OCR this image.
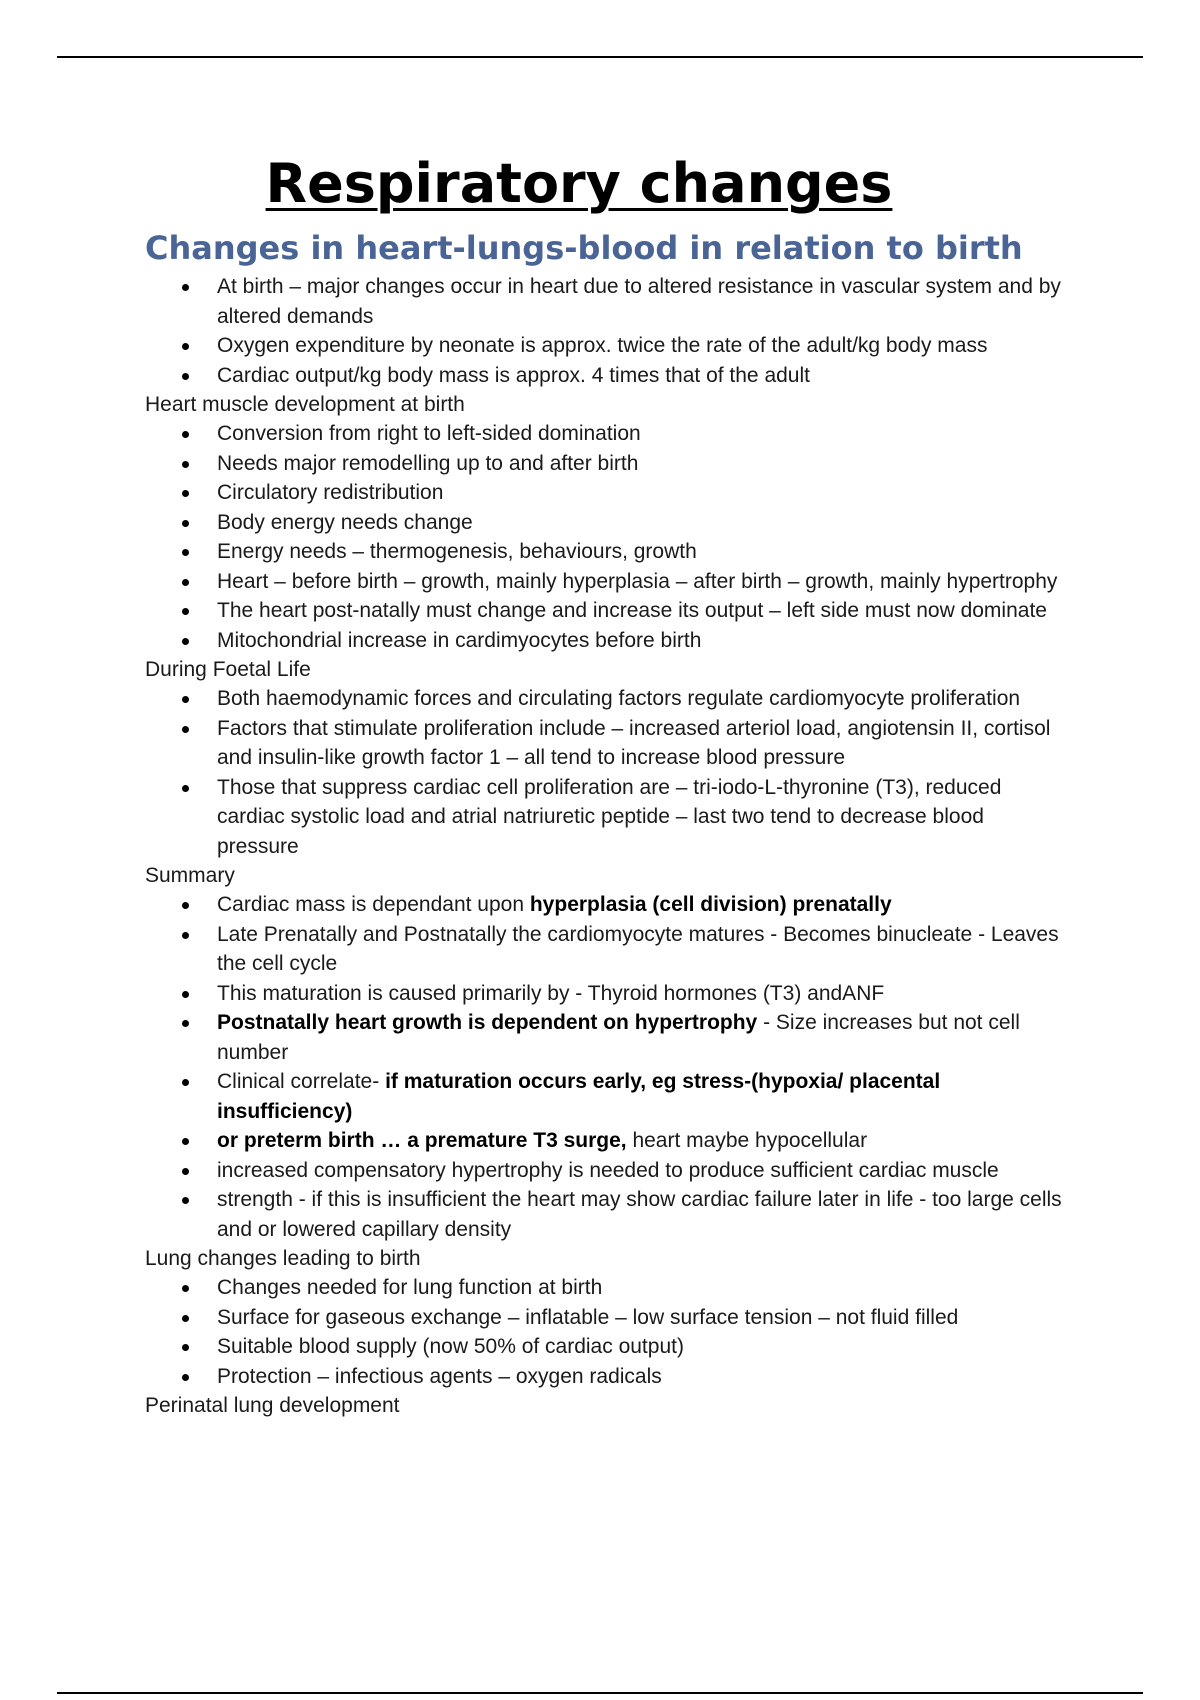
Respiratory changes
Changes in heart-lungs-blood in relation to birth
At birth – major changes occur in heart due to altered resistance in vascular system and by altered demands
Oxygen expenditure by neonate is approx. twice the rate of the adult/kg body mass
Cardiac output/kg body mass is approx. 4 times that of the adult

Heart muscle development at birth

Conversion from right to left-sided domination
Needs major remodelling up to and after birth
Circulatory redistribution
Body energy needs change
Energy needs – thermogenesis, behaviours, growth
Heart – before birth – growth, mainly hyperplasia – after birth – growth, mainly hypertrophy
The heart post-natally must change and increase its output – left side must now dominate
Mitochondrial increase in cardimyocytes before birth

During Foetal Life

Both haemodynamic forces and circulating factors regulate cardiomyocyte proliferation
Factors that stimulate proliferation include – increased arteriol load, angiotensin II, cortisol and insulin-like growth factor 1 – all tend to increase blood pressure
Those that suppress cardiac cell proliferation are – tri-iodo-L-thyronine (T3), reduced cardiac systolic load and atrial natriuretic peptide – last two tend to decrease blood pressure

Summary

Cardiac mass is dependant upon hyperplasia (cell division) prenatally
Late Prenatally and Postnatally the cardiomyocyte matures - Becomes binucleate - Leaves the cell cycle
This maturation is caused primarily by - Thyroid hormones (T3) andANF
Postnatally heart growth is dependent on hypertrophy - Size increases but not cell number
Clinical correlate- if maturation occurs early, eg stress-(hypoxia/ placental insufficiency)
or preterm birth … a premature T3 surge, heart maybe hypocellular
increased compensatory hypertrophy is needed to produce sufficient cardiac muscle
strength - if this is insufficient the heart may show cardiac failure later in life - too large cells and or lowered capillary density

Lung changes leading to birth

Changes needed for lung function at birth
Surface for gaseous exchange – inflatable – low surface tension – not fluid filled
Suitable blood supply (now 50% of cardiac output)
Protection – infectious agents – oxygen radicals

Perinatal lung development
